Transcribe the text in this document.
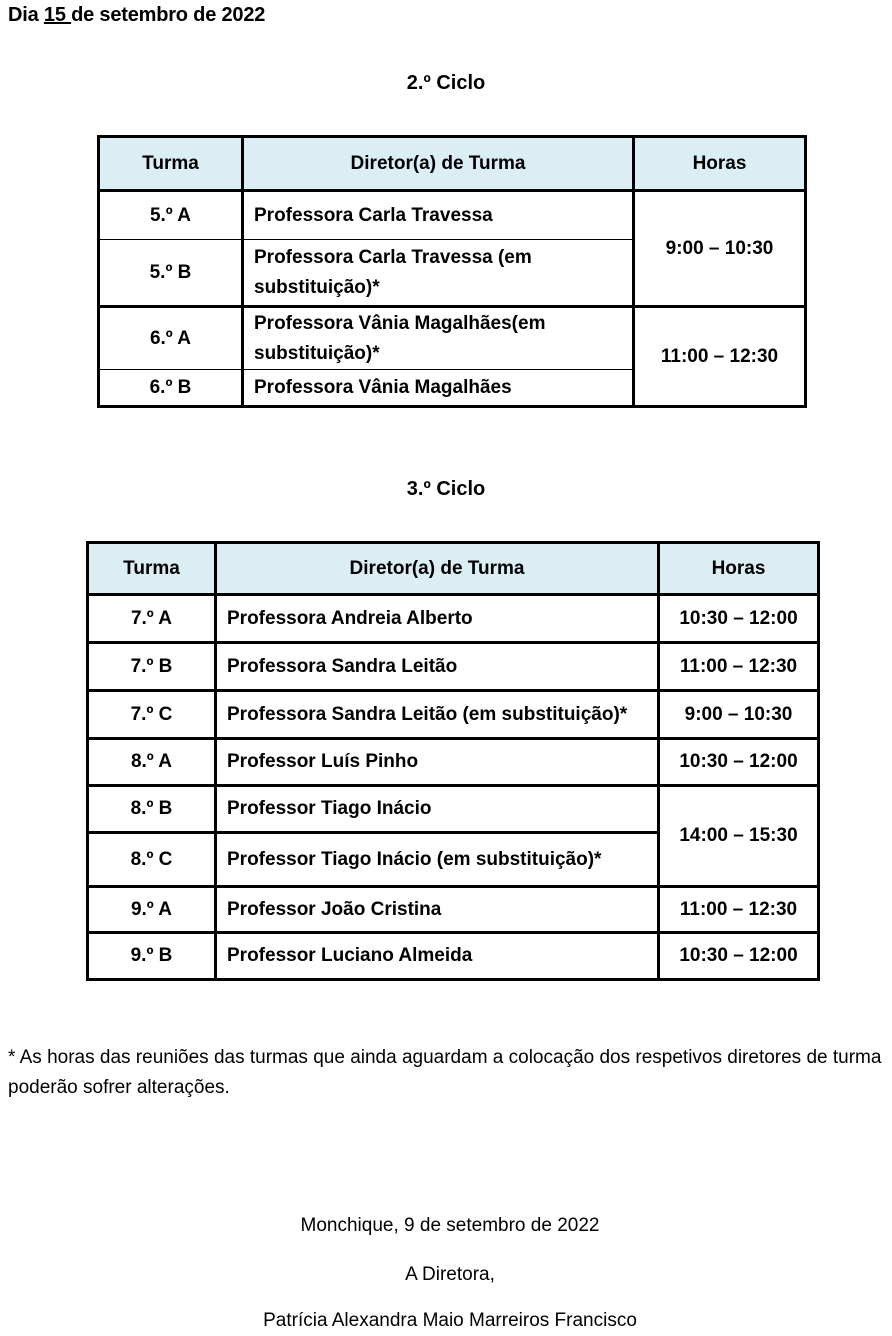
Dia 15 de setembro de 2022
2.º Ciclo
Turma	Diretor(a) de Turma	Horas
5.º A	Professora Carla Travessa	9:00 – 10:30
5.º B	Professora Carla Travessa (em substituição)*	
6.º A	Professora Vânia Magalhães(em substituição)*	11:00 – 12:30
6.º B	Professora Vânia Magalhães	
3.º Ciclo
Turma	Diretor(a) de Turma	Horas
7.º A	Professora Andreia Alberto	10:30 – 12:00
7.º B	Professora Sandra Leitão	11:00 – 12:30
7.º C	Professora Sandra Leitão (em substituição)*	9:00 – 10:30
8.º A	Professor Luís Pinho	10:30 – 12:00
8.º B	Professor Tiago Inácio	14:00 – 15:30
8.º C	Professor Tiago Inácio (em substituição)*	
9.º A	Professor João Cristina	11:00 – 12:30
9.º B	Professor Luciano Almeida	10:30 – 12:00
* As horas das reuniões das turmas que ainda aguardam a colocação dos respetivos diretores de turma poderão sofrer alterações.
Monchique, 9 de setembro de 2022
A Diretora,
Patrícia Alexandra Maio Marreiros Francisco
